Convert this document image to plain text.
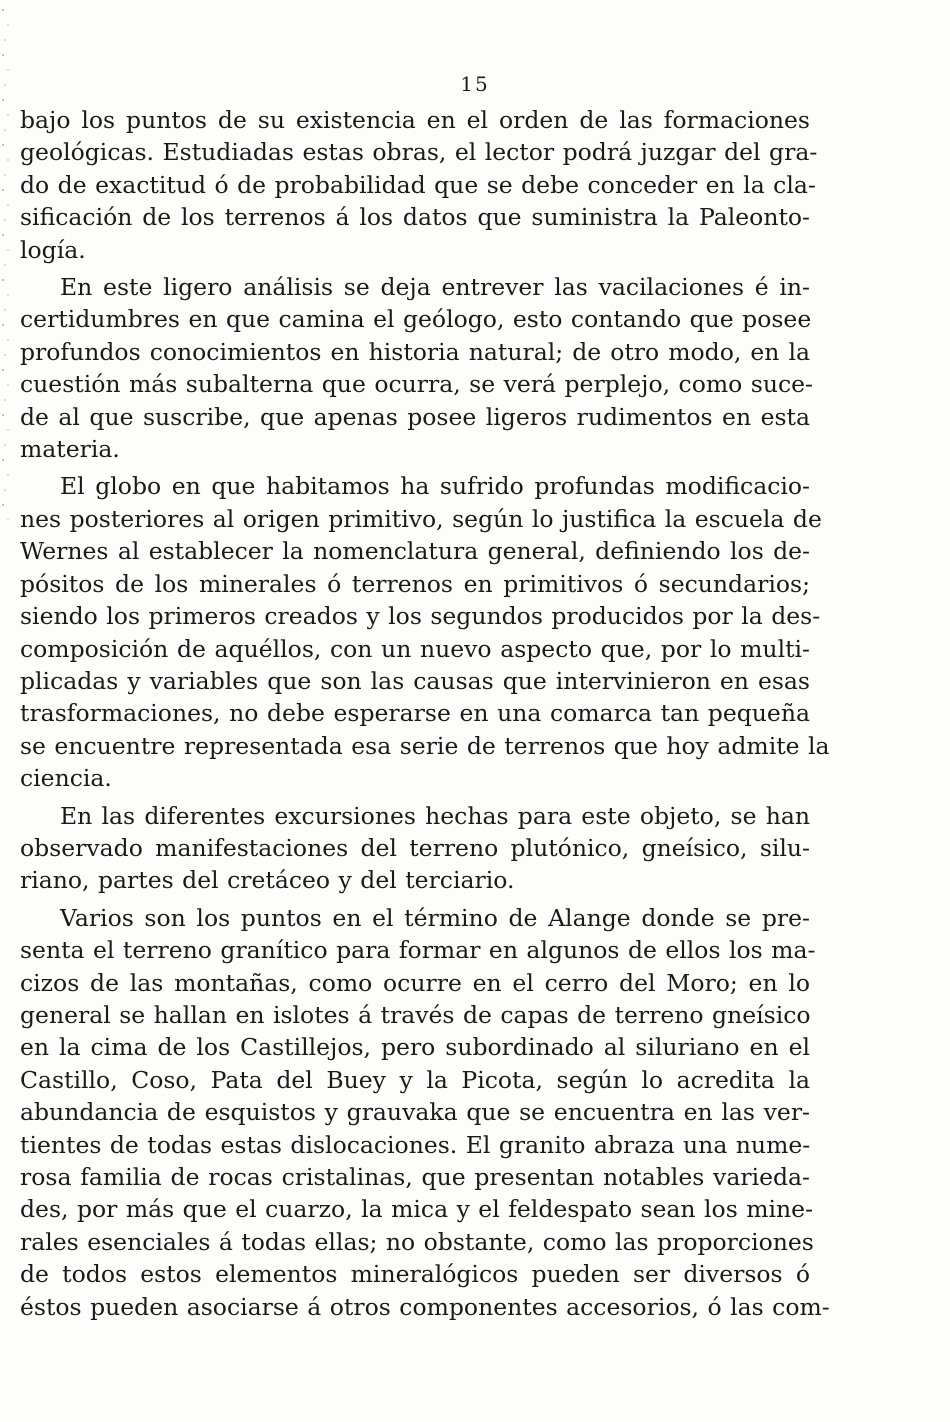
15
bajo los puntos de su existencia en el orden de las formaciones
geológicas. Estudiadas estas obras, el lector podrá juzgar del gra-
do de exactitud ó de probabilidad que se debe conceder en la cla-
sificación de los terrenos á los datos que suministra la Paleonto-
logía.
En este ligero análisis se deja entrever las vacilaciones é in-
certidumbres en que camina el geólogo, esto contando que posee
profundos conocimientos en historia natural; de otro modo, en la
cuestión más subalterna que ocurra, se verá perplejo, como suce-
de al que suscribe, que apenas posee ligeros rudimentos en esta
materia.
El globo en que habitamos ha sufrido profundas modificacio-
nes posteriores al origen primitivo, según lo justifica la escuela de
Wernes al establecer la nomenclatura general, definiendo los de-
pósitos de los minerales ó terrenos en primitivos ó secundarios;
siendo los primeros creados y los segundos producidos por la des-
composición de aquéllos, con un nuevo aspecto que, por lo multi-
plicadas y variables que son las causas que intervinieron en esas
trasformaciones, no debe esperarse en una comarca tan pequeña
se encuentre representada esa serie de terrenos que hoy admite la
ciencia.
En las diferentes excursiones hechas para este objeto, se han
observado manifestaciones del terreno plutónico, gneísico, silu-
riano, partes del cretáceo y del terciario.
Varios son los puntos en el término de Alange donde se pre-
senta el terreno granítico para formar en algunos de ellos los ma-
cizos de las montañas, como ocurre en el cerro del Moro; en lo
general se hallan en islotes á través de capas de terreno gneísico
en la cima de los Castillejos, pero subordinado al siluriano en el
Castillo, Coso, Pata del Buey y la Picota, según lo acredita la
abundancia de esquistos y grauvaka que se encuentra en las ver-
tientes de todas estas dislocaciones. El granito abraza una nume-
rosa familia de rocas cristalinas, que presentan notables varieda-
des, por más que el cuarzo, la mica y el feldespato sean los mine-
rales esenciales á todas ellas; no obstante, como las proporciones
de todos estos elementos mineralógicos pueden ser diversos ó
éstos pueden asociarse á otros componentes accesorios, ó las com-
